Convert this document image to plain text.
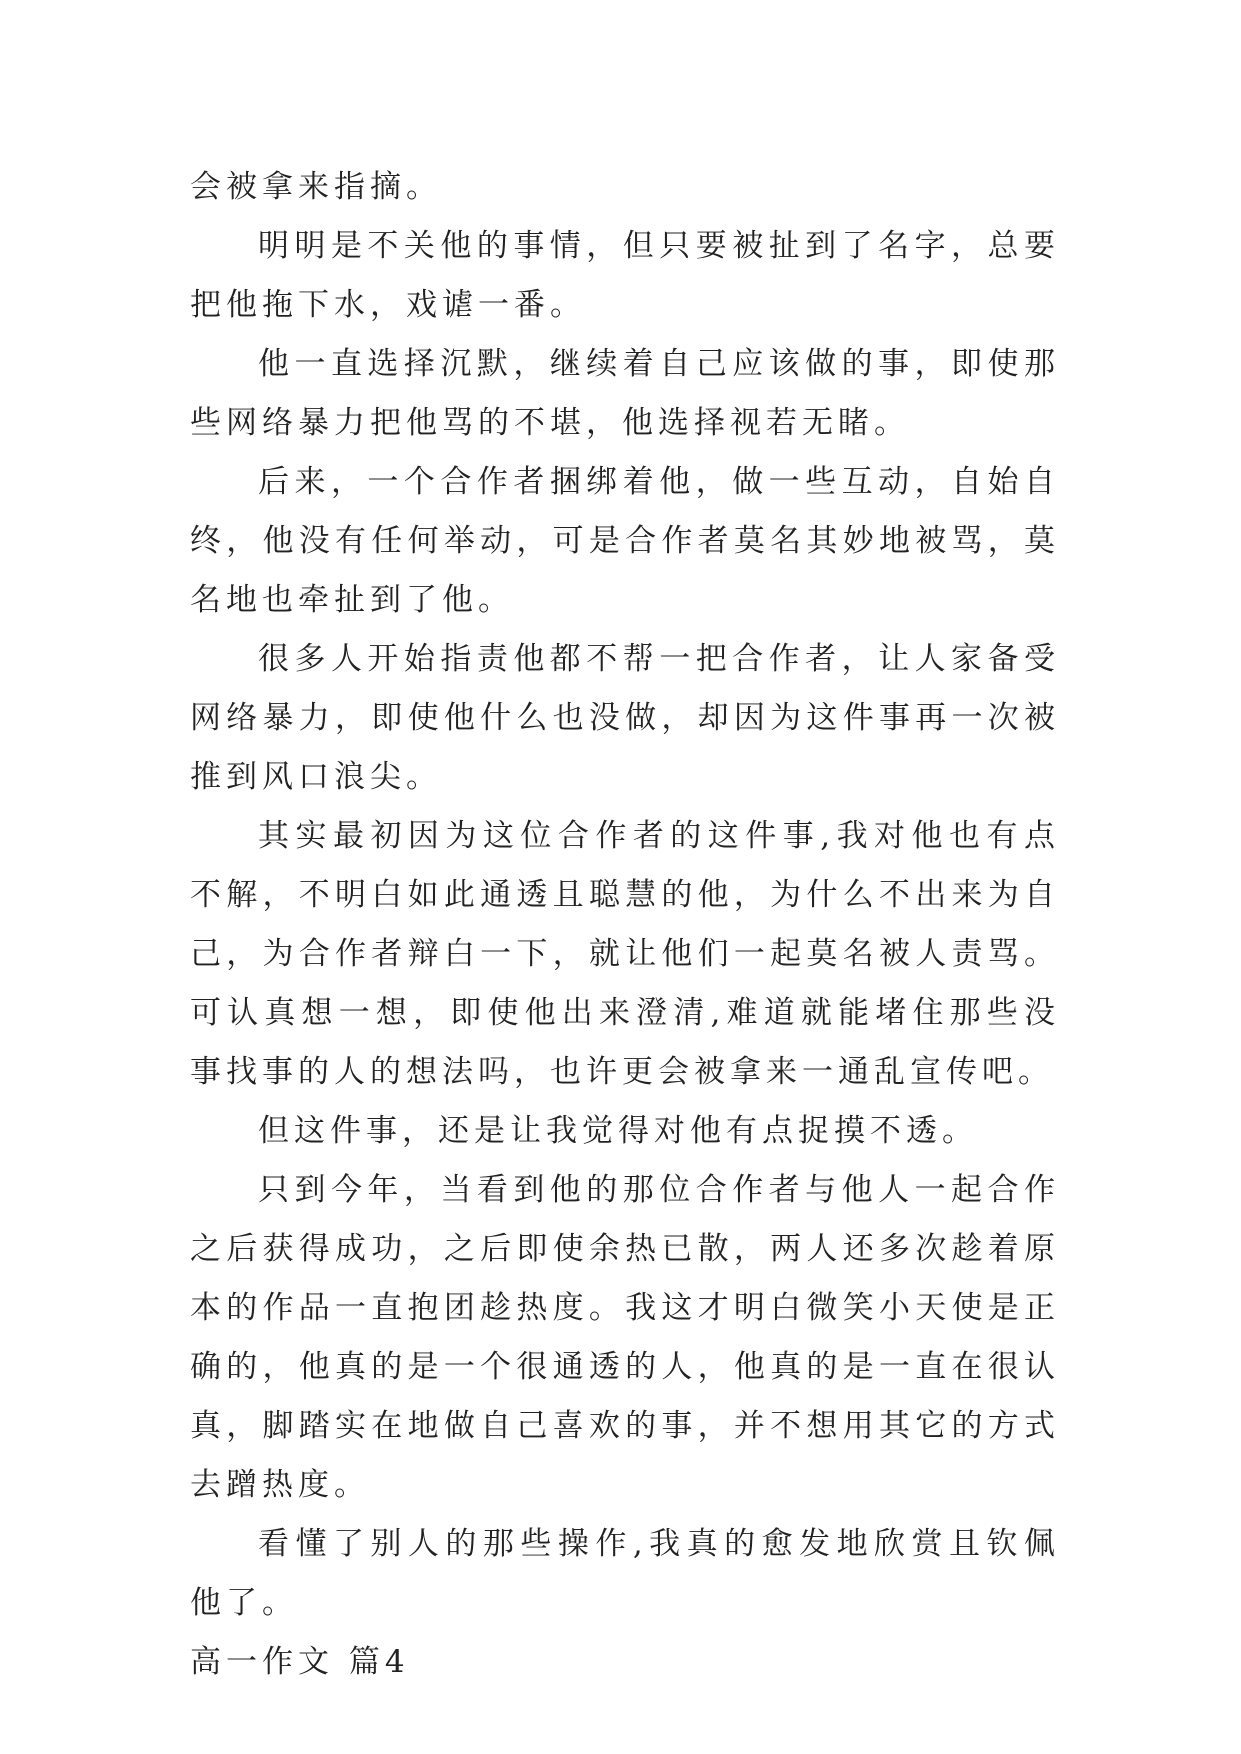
会被拿来指摘。

明明是不关他的事情，但只要被扯到了名字，总要把他拖下水，戏谑一番。

他一直选择沉默，继续着自己应该做的事，即使那些网络暴力把他骂的不堪，他选择视若无睹。

后来，一个合作者捆绑着他，做一些互动，自始自终，他没有任何举动，可是合作者莫名其妙地被骂，莫名地也牵扯到了他。

很多人开始指责他都不帮一把合作者，让人家备受网络暴力，即使他什么也没做，却因为这件事再一次被推到风口浪尖。

其实最初因为这位合作者的这件事,我对他也有点不解，不明白如此通透且聪慧的他，为什么不出来为自己，为合作者辩白一下，就让他们一起莫名被人责骂。可认真想一想，即使他出来澄清,难道就能堵住那些没事找事的人的想法吗，也许更会被拿来一通乱宣传吧。

但这件事，还是让我觉得对他有点捉摸不透。

只到今年，当看到他的那位合作者与他人一起合作之后获得成功，之后即使余热已散，两人还多次趁着原本的作品一直抱团趁热度。我这才明白微笑小天使是正确的，他真的是一个很通透的人，他真的是一直在很认真，脚踏实在地做自己喜欢的事，并不想用其它的方式去蹭热度。

看懂了别人的那些操作,我真的愈发地欣赏且钦佩他了。

高一作文 篇4
